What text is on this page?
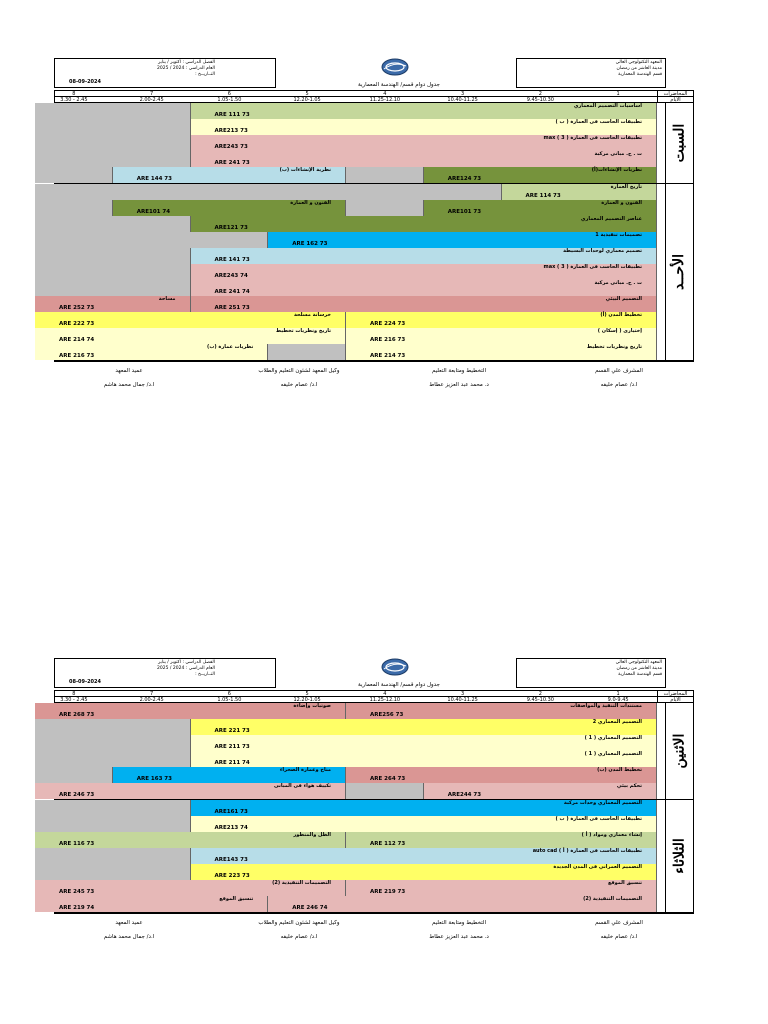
الفصل الدراسي : اكتوبر / يناير
العام الدراسي : 2024 / 2025
التــاريــخ :
08-09-2024
المعهد التكنولوجي العالي
مدينة العاشر من رمضان
قسم الهندسة المعمارية
جدول دوام قسم/ الهندسة المعمارية
المحاضرات
1
2
3
4
5
6
7
8
الايام
9.45-10.30
10.40-11.25
11.25-12.10
12.20-1.05
1.05-1.50
2.00-2.45
3.30 - 2.45
السبت
اساسيات التصميم المعماري
ARE 111 73
تطبيقات الحاسب فى العمارة ( ب )
ARE213 73
تطبيقات الحاسب فى العمارة ( 3 ) max
ARE243 73
ت . ح. مبانى مركبة
ARE 241 73
نظرية الإنشاءات (ب)
ARE 144 73
نظريات الإنشاءات(أ)
ARE124 73
الأحــد
تاريخ العمارة
ARE 114 73
الفنون و العمارة
ARE101 74
الفنون و العمارة
ARE101 73
عناصر التصميم المعماري
ARE121 73
تصميمات تنفيذية 1
ARE 162 73
تصميم معماري لوحدات البسيطة
ARE 141 73
تطبيقات الحاسب فى العمارة ( 3 ) max
ARE243 74
ت . ح. مبانى مركبة
ARE 241 74
مساحة
ARE 252 73
التصميم البيئي
ARE 251 73
خرسانة مسلحة
ARE 222 73
تخطيط المدن (أ)
ARE 224 73
تاريخ ونظريات تخطيط
ARE 214 74
إختيارى ( إسكان )
ARE 216 73
نظريات عمارة (ب)
ARE 216 73
تاريخ ونظريات تخطيط
ARE 214 73
المشرف علي القسم
ا.د/ عصام خليفه
التخطيط ومتابعة التعليم
د. محمد عبد العزيز عطاط
وكيل المعهد لشئون التعليم والطلاب
ا.د/ عصام خليفه
عميد المعهد
ا.د/ جمال محمد هاشم
الفصل الدراسي : اكتوبر / يناير
العام الدراسي : 2024 / 2025
التــاريــخ :
08-09-2024
المعهد التكنولوجي العالي
مدينة العاشر من رمضان
قسم الهندسة المعمارية
جدول دوام قسم/ الهندسة المعمارية
المحاضرات
1
2
3
4
5
6
7
8
الايام
9.0-9.45
9.45-10.30
10.40-11.25
11.25-12.10
12.20-1.05
1.05-1.50
2.00-2.45
3.30 - 2.45
الاثنين
صوتيات وإضاءة
ARE 268 73
مستندات التنفيذ والمواصفات
ARE256 73
التصميم المعماري 2
ARE 221 73
التصميم المعماري ( 1 )
ARE 211 73
التصميم المعماري ( 1 )
ARE 211 74
مناخ وعمارة الصحراء
ARE 163 73
تخطيط المدن (ب)
ARE 264 73
تكييف هواء فى المبانى
ARE 246 73
تحكم بيئي
ARE244 73
الثلاثاء
التصميم المعماري وحدات مركبة
ARE161 73
تطبيقات الحاسب فى العمارة ( ب )
ARE213 74
الظل والمنظور
ARE 116 73
إنشاء معماري ومواد ( أ )
ARE 112 73
تطبيقات الحاسب فى العمارة ( أ ) auto cad
ARE143 73
التصميم العمراني فى المدن الجديدة
ARE 223 73
التصميمات التنفيذية (2)
ARE 245 73
تنسيق الموقع
ARE 219 73
تنسيق الموقع
ARE 219 74
التصميمات التنفيذية (2)
ARE 246 74
المشرف علي القسم
ا.د/ عصام خليفه
التخطيط ومتابعة التعليم
د. محمد عبد العزيز عطاط
وكيل المعهد لشئون التعليم والطلاب
ا.د/ عصام خليفه
عميد المعهد
ا.د/ جمال محمد هاشم
